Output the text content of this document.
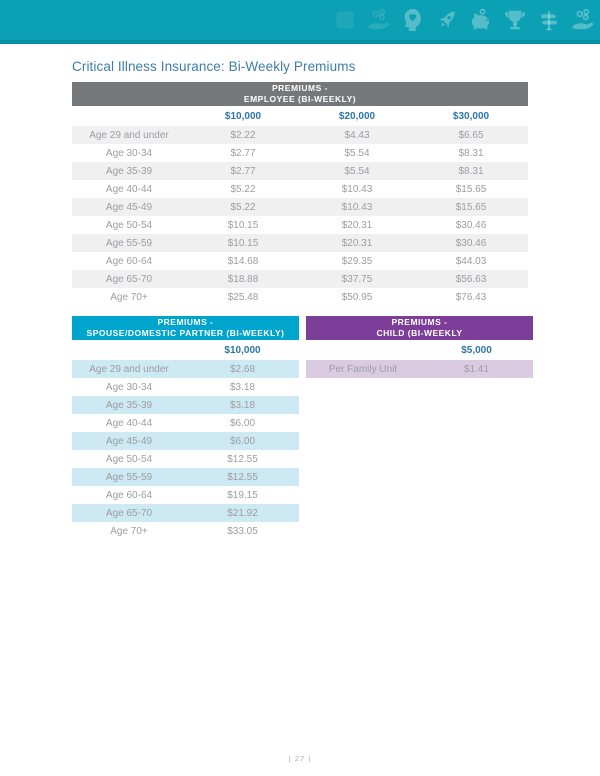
Critical Illness Insurance: Bi-Weekly Premiums
PREMIUMS -
EMPLOYEE (BI-WEEKLY)
$10,000	$20,000	$30,000
Age 29 and under	$2.22	$4.43	$6.65
Age 30-34	$2.77	$5.54	$8.31
Age 35-39	$2.77	$5.54	$8.31
Age 40-44	$5.22	$10.43	$15.65
Age 45-49	$5.22	$10.43	$15.65
Age 50-54	$10.15	$20.31	$30.46
Age 55-59	$10.15	$20.31	$30.46
Age 60-64	$14.68	$29.35	$44.03
Age 65-70	$18.88	$37.75	$56.63
Age 70+	$25.48	$50.95	$76.43
PREMIUMS -
SPOUSE/DOMESTIC PARTNER (BI-WEEKLY)
$10,000
Age 29 and under	$2.68
Age 30-34	$3.18
Age 35-39	$3.18
Age 40-44	$6.00
Age 45-49	$6.00
Age 50-54	$12.55
Age 55-59	$12.55
Age 60-64	$19.15
Age 65-70	$21.92
Age 70+	$33.05
PREMIUMS -
CHILD (BI-WEEKLY
$5,000
Per Family Unit	$1.41
| 27 |
